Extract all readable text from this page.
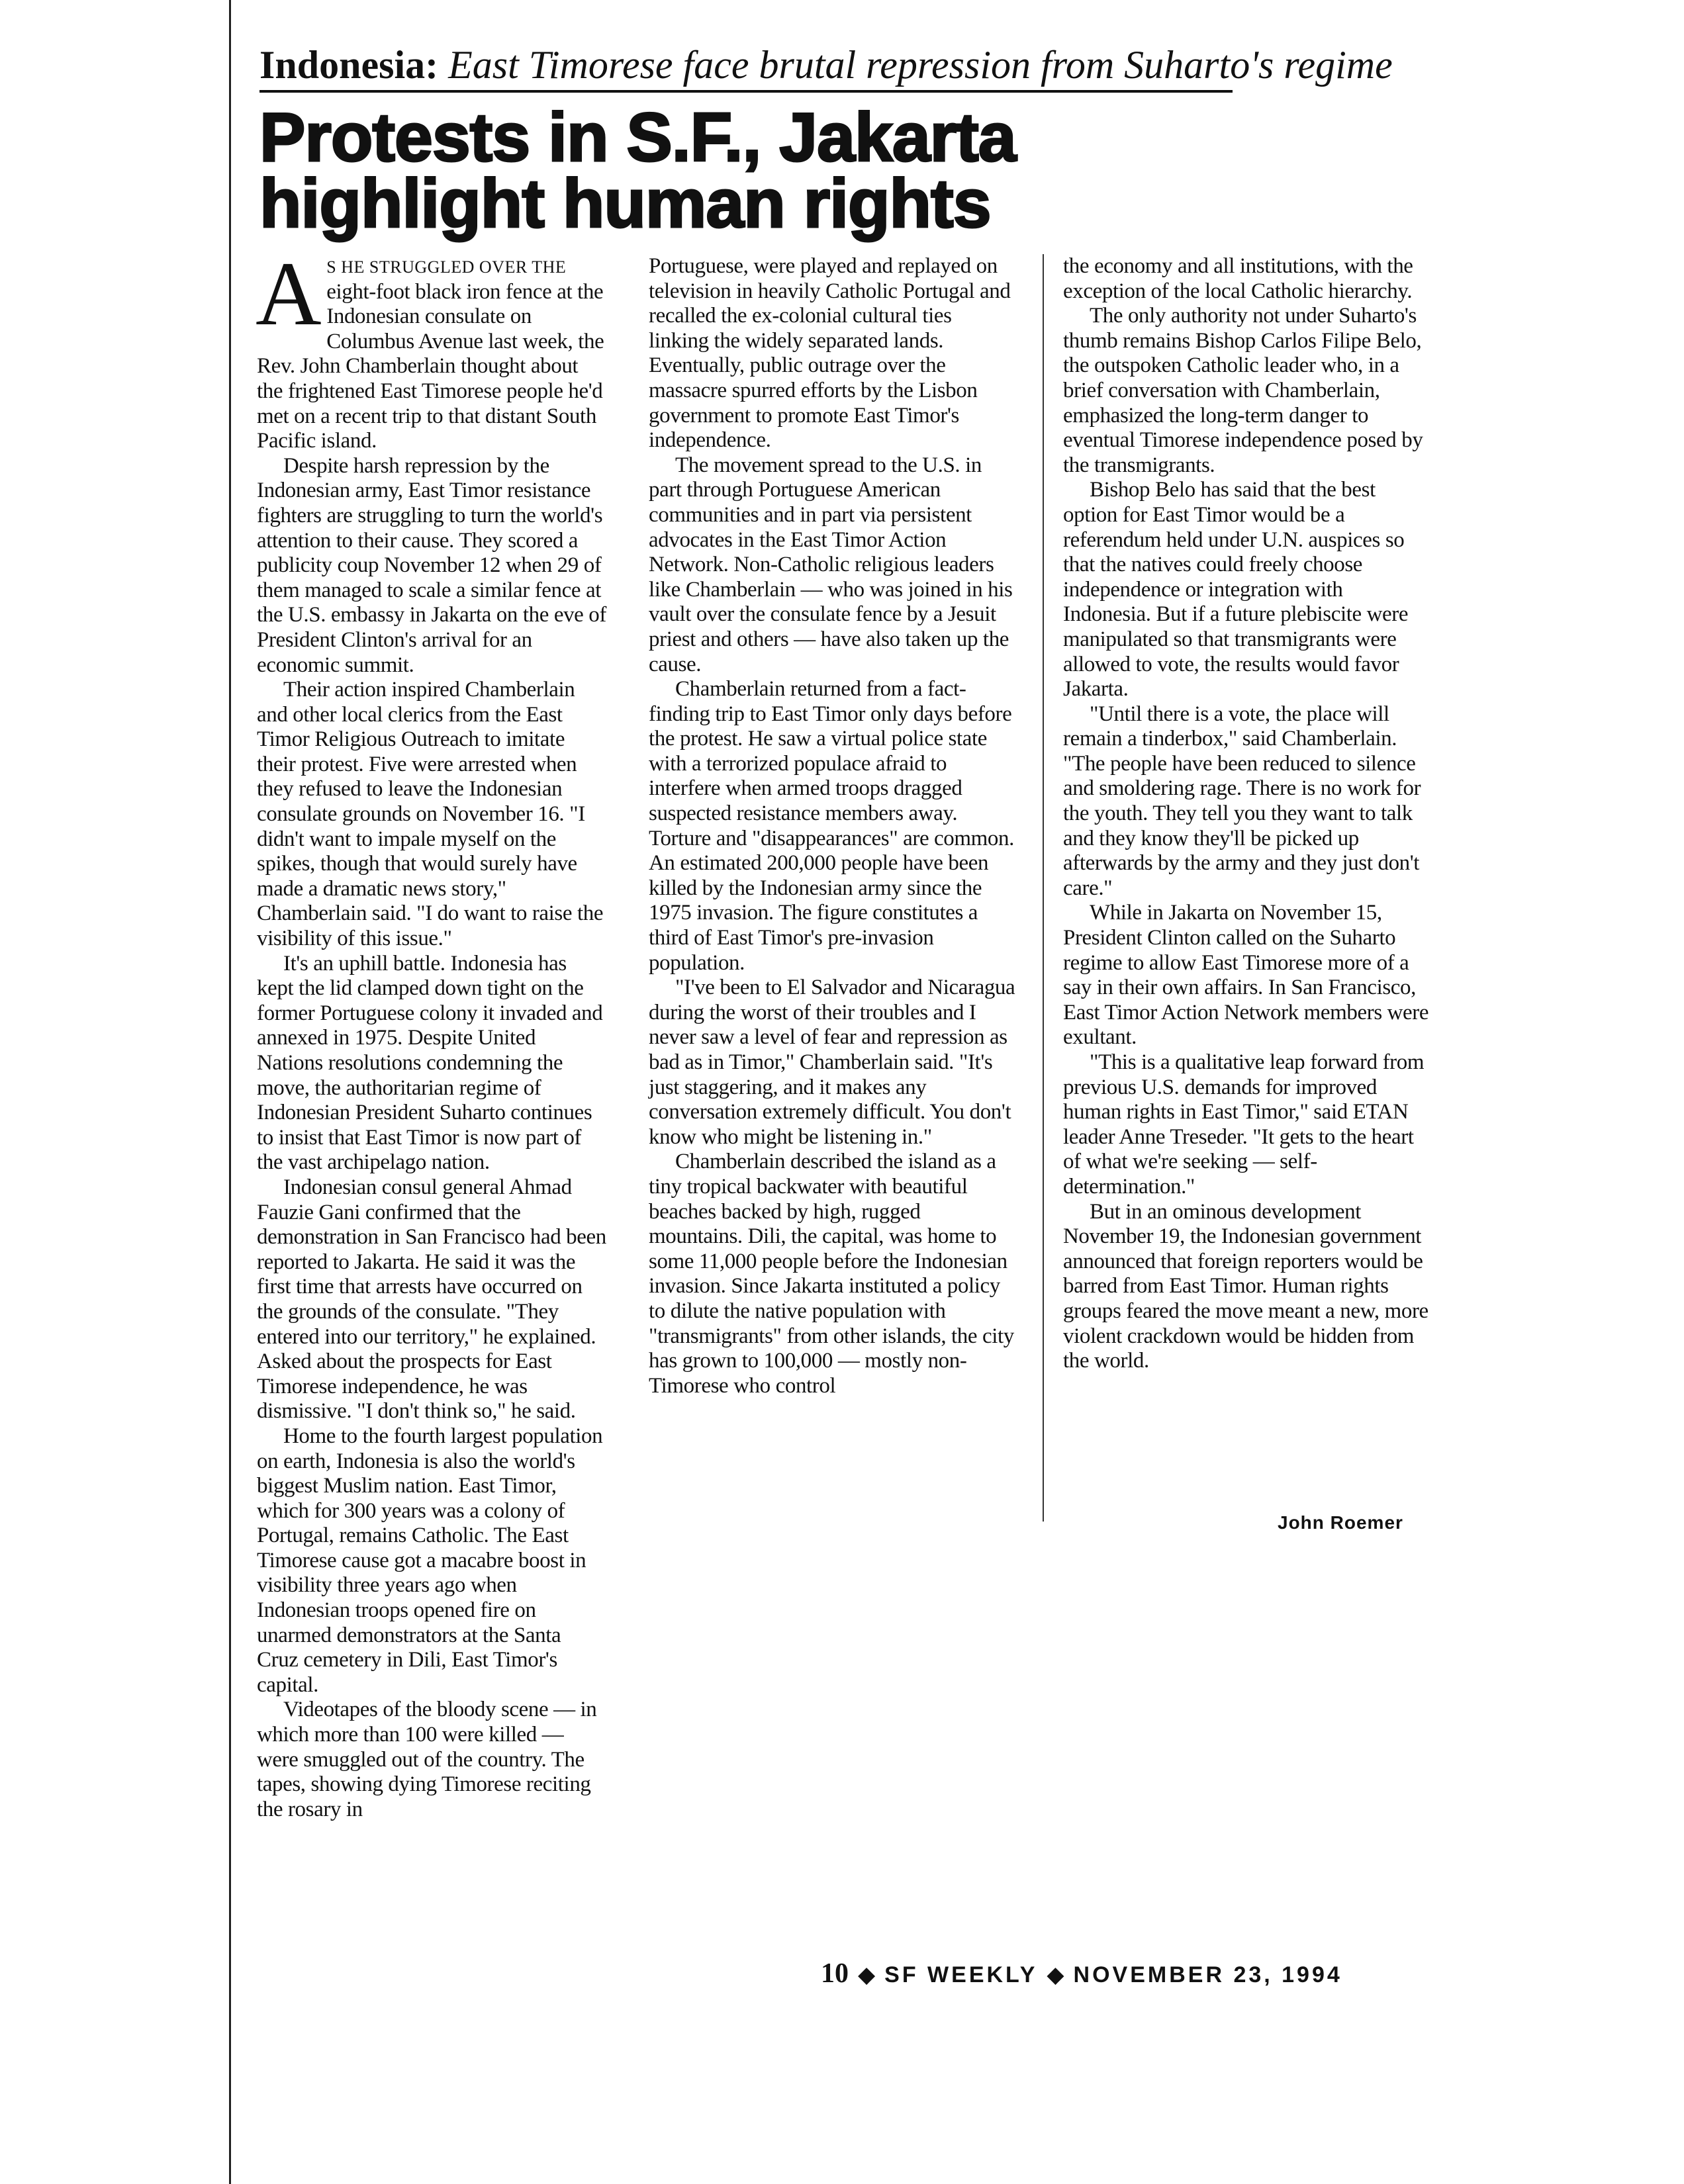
Indonesia: East Timorese face brutal repression from Suharto's regime
Protests in S.F., Jakarta
highlight human rights

A S HE STRUGGLED OVER THE eight-foot black iron fence at the Indonesian consulate on Columbus Avenue last week, the Rev. John Chamberlain thought about the frightened East Timorese people he'd met on a recent trip to that distant South Pacific island.

Despite harsh repression by the Indonesian army, East Timor resistance fighters are struggling to turn the world's attention to their cause. They scored a publicity coup November 12 when 29 of them managed to scale a similar fence at the U.S. embassy in Jakarta on the eve of President Clinton's arrival for an economic summit.

Their action inspired Chamberlain and other local clerics from the East Timor Religious Outreach to imitate their protest. Five were arrested when they refused to leave the Indonesian consulate grounds on November 16. "I didn't want to impale myself on the spikes, though that would surely have made a dramatic news story," Chamberlain said. "I do want to raise the visibility of this issue."

It's an uphill battle. Indonesia has kept the lid clamped down tight on the former Portuguese colony it invaded and annexed in 1975. Despite United Nations resolutions condemning the move, the authoritarian regime of Indonesian President Suharto continues to insist that East Timor is now part of the vast archipelago nation.

Indonesian consul general Ahmad Fauzie Gani confirmed that the demonstration in San Francisco had been reported to Jakarta. He said it was the first time that arrests have occurred on the grounds of the consulate. "They entered into our territory," he explained. Asked about the prospects for East Timorese independence, he was dismissive. "I don't think so," he said.

Home to the fourth largest population on earth, Indonesia is also the world's biggest Muslim nation. East Timor, which for 300 years was a colony of Portugal, remains Catholic. The East Timorese cause got a macabre boost in visibility three years ago when Indonesian troops opened fire on unarmed demonstrators at the Santa Cruz cemetery in Dili, East Timor's capital.

Videotapes of the bloody scene — in which more than 100 were killed — were smuggled out of the country. The tapes, showing dying Timorese reciting the rosary in

Portuguese, were played and replayed on television in heavily Catholic Portugal and recalled the ex-colonial cultural ties linking the widely separated lands. Eventually, public outrage over the massacre spurred efforts by the Lisbon government to promote East Timor's independence.

The movement spread to the U.S. in part through Portuguese American communities and in part via persistent advocates in the East Timor Action Network. Non-Catholic religious leaders like Chamberlain — who was joined in his vault over the consulate fence by a Jesuit priest and others — have also taken up the cause.

Chamberlain returned from a fact-finding trip to East Timor only days before the protest. He saw a virtual police state with a terrorized populace afraid to interfere when armed troops dragged suspected resistance members away. Torture and "disappearances" are common. An estimated 200,000 people have been killed by the Indonesian army since the 1975 invasion. The figure constitutes a third of East Timor's pre-invasion population.

"I've been to El Salvador and Nicaragua during the worst of their troubles and I never saw a level of fear and repression as bad as in Timor," Chamberlain said. "It's just staggering, and it makes any conversation extremely difficult. You don't know who might be listening in."

Chamberlain described the island as a tiny tropical backwater with beautiful beaches backed by high, rugged mountains. Dili, the capital, was home to some 11,000 people before the Indonesian invasion. Since Jakarta instituted a policy to dilute the native population with "transmigrants" from other islands, the city has grown to 100,000 — mostly non-Timorese who control

the economy and all institutions, with the exception of the local Catholic hierarchy.

The only authority not under Suharto's thumb remains Bishop Carlos Filipe Belo, the outspoken Catholic leader who, in a brief conversation with Chamberlain, emphasized the long-term danger to eventual Timorese independence posed by the transmigrants.

Bishop Belo has said that the best option for East Timor would be a referendum held under U.N. auspices so that the natives could freely choose independence or integration with Indonesia. But if a future plebiscite were manipulated so that transmigrants were allowed to vote, the results would favor Jakarta.

"Until there is a vote, the place will remain a tinderbox," said Chamberlain. "The people have been reduced to silence and smoldering rage. There is no work for the youth. They tell you they want to talk and they know they'll be picked up afterwards by the army and they just don't care."

While in Jakarta on November 15, President Clinton called on the Suharto regime to allow East Timorese more of a say in their own affairs. In San Francisco, East Timor Action Network members were exultant.

"This is a qualitative leap forward from previous U.S. demands for improved human rights in East Timor," said ETAN leader Anne Treseder. "It gets to the heart of what we're seeking — self-determination."

But in an ominous development November 19, the Indonesian government announced that foreign reporters would be barred from East Timor. Human rights groups feared the move meant a new, more violent crackdown would be hidden from the world.

John Roemer
10 ◆ SF WEEKLY ◆ NOVEMBER 23, 1994
